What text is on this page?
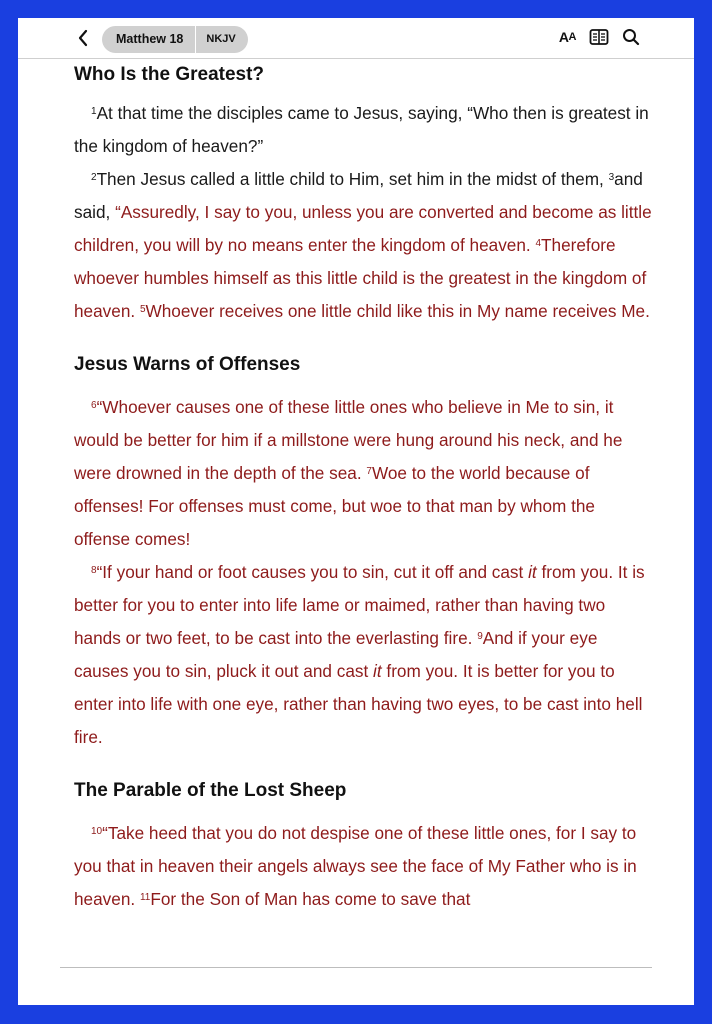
Matthew 18	NKJV	A A
Who Is the Greatest?

$^1$At that time the disciples came to Jesus, saying, “Who then is greatest in the kingdom of heaven?”

$^2$Then Jesus called a little child to Him, set him in the midst of them, $^3$and said, “Assuredly, I say to you, unless you are converted and become as little children, you will by no means enter the kingdom of heaven. $^4$Therefore whoever humbles himself as this little child is the greatest in the kingdom of heaven. $^5$Whoever receives one little child like this in My name receives Me.

Jesus Warns of Offenses

$^6$“Whoever causes one of these little ones who believe in Me to sin, it would be better for him if a millstone were hung around his neck, and he were drowned in the depth of the sea. $^7$Woe to the world because of offenses! For offenses must come, but woe to that man by whom the offense comes!

$^8$“If your hand or foot causes you to sin, cut it off and cast it from you. It is better for you to enter into life lame or maimed, rather than having two hands or two feet, to be cast into the everlasting fire. $^9$And if your eye causes you to sin, pluck it out and cast it from you. It is better for you to enter into life with one eye, rather than having two eyes, to be cast into hell fire.

The Parable of the Lost Sheep

$^{10}$“Take heed that you do not despise one of these little ones, for I say to you that in heaven their angels always see the face of My Father who is in heaven. $^{11}$For the Son of Man has come to save that
